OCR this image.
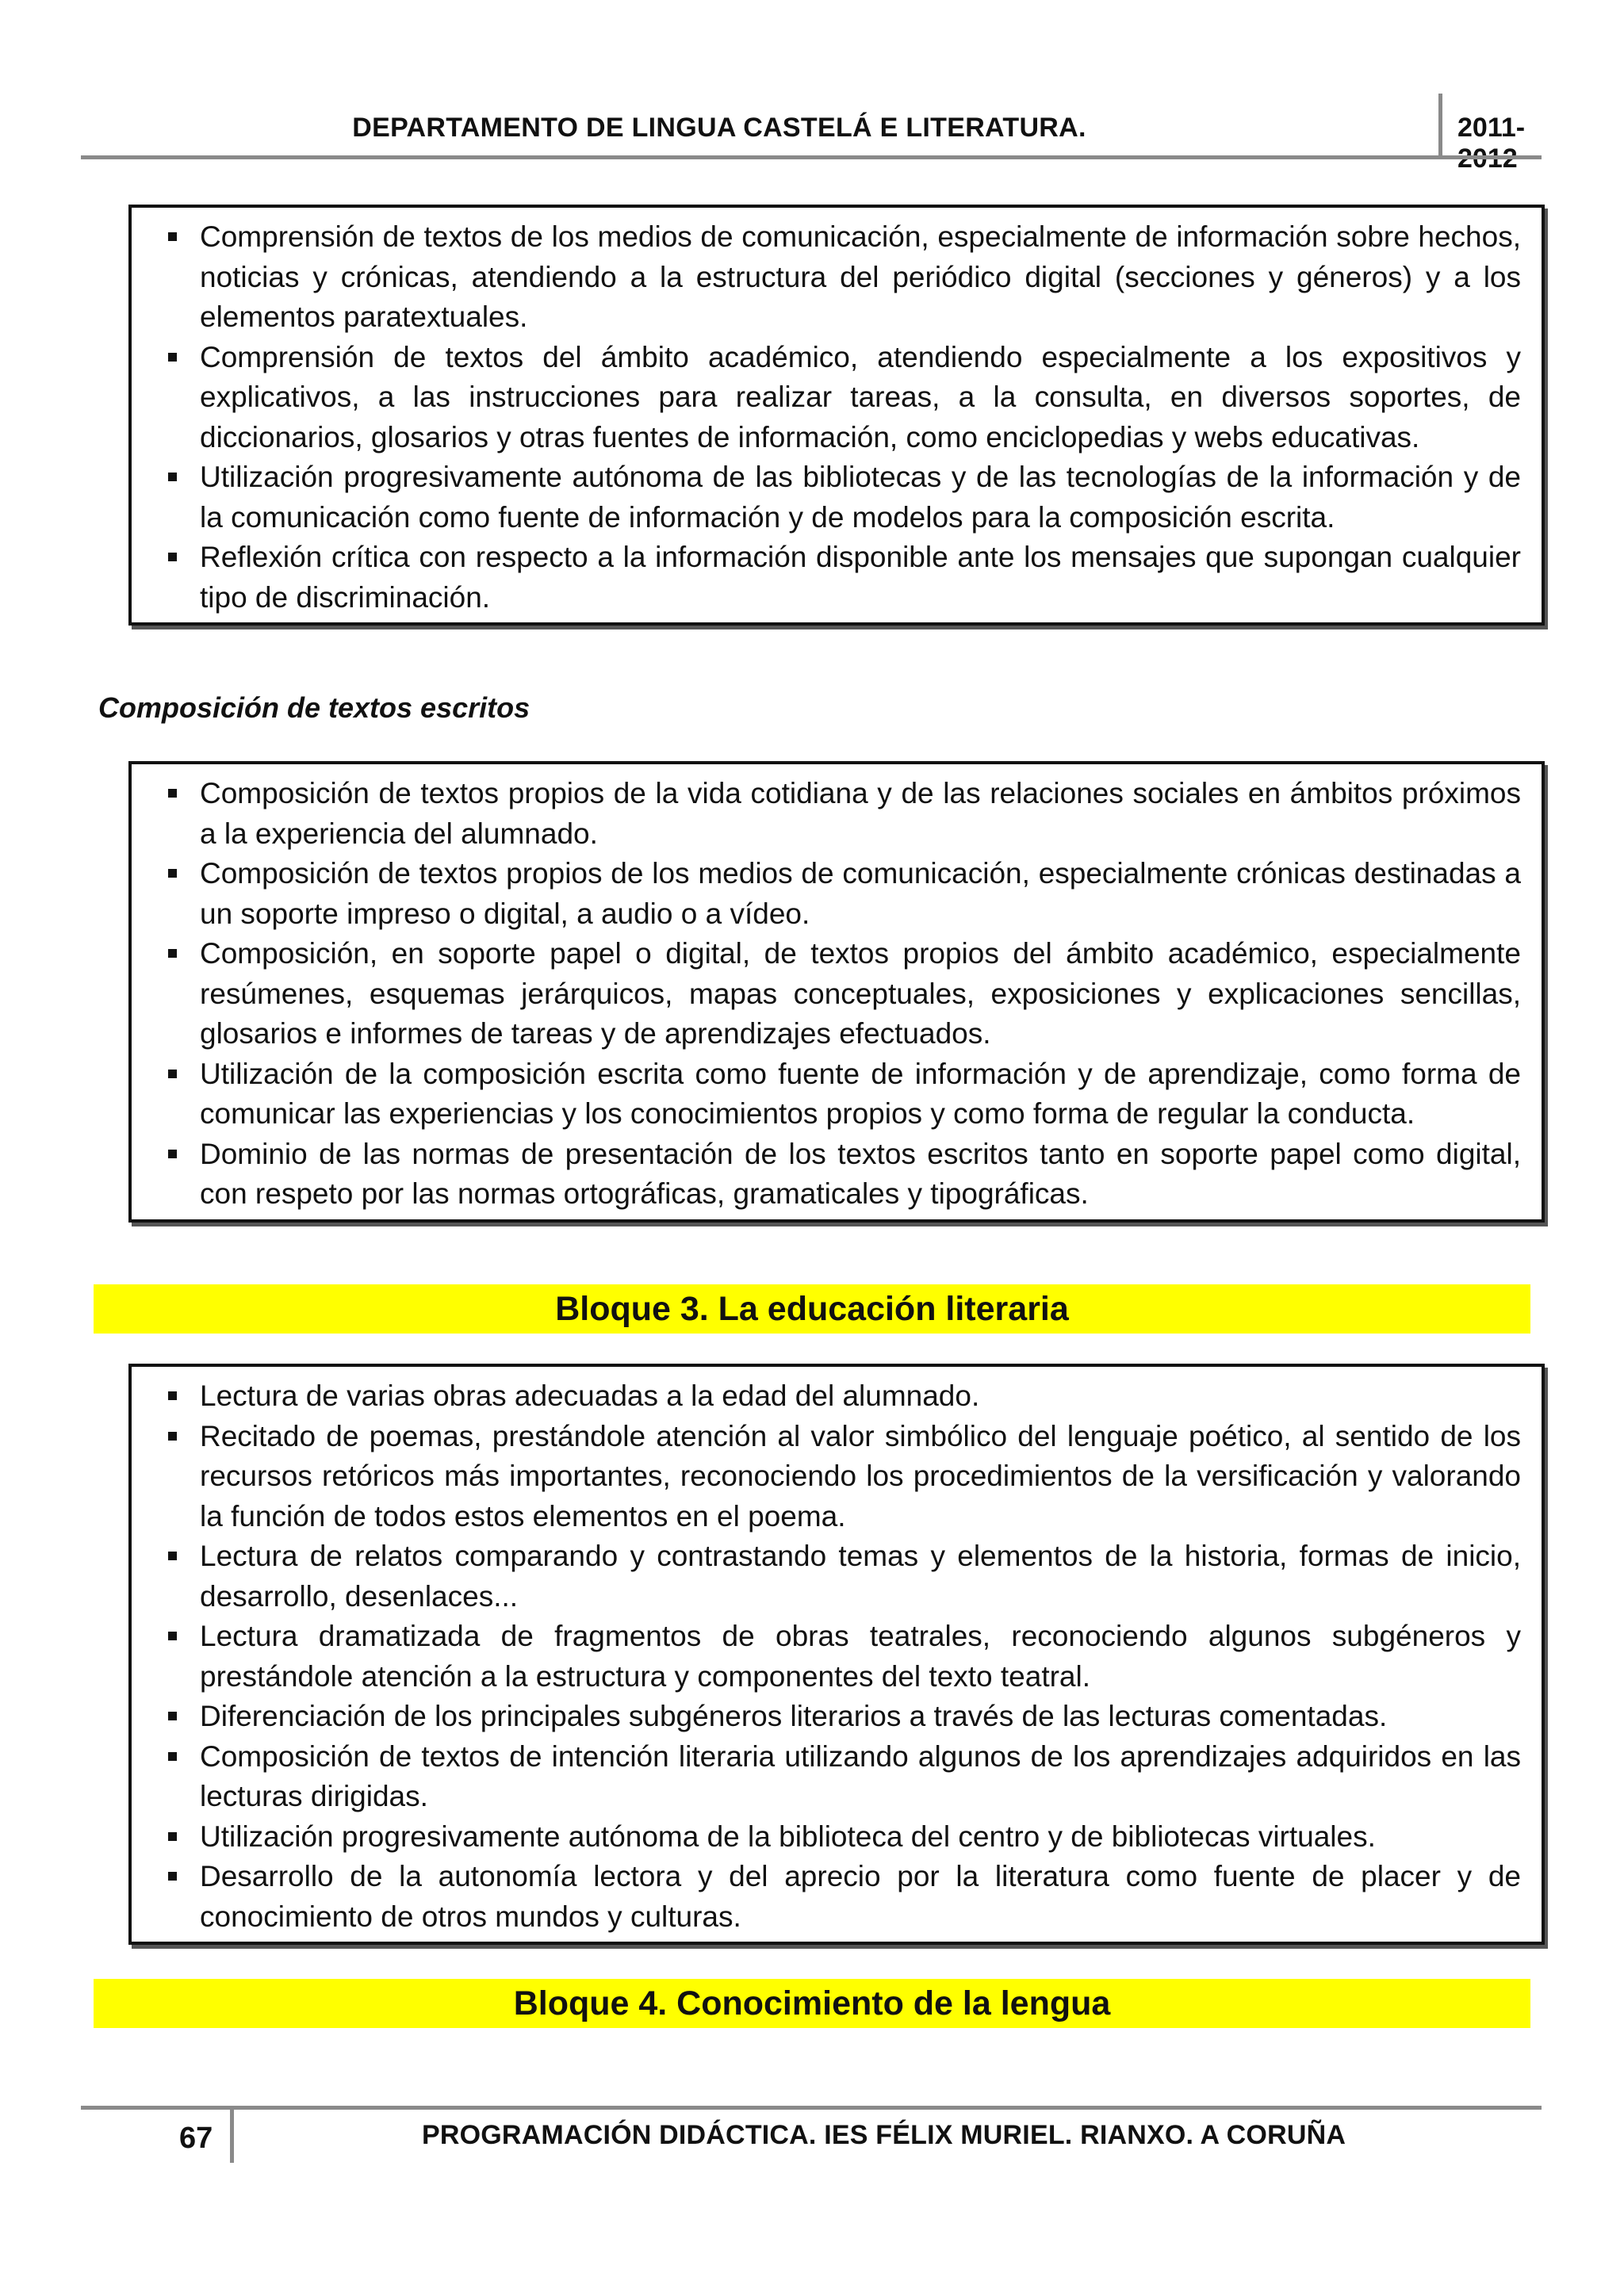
DEPARTAMENTO DE LINGUA CASTELÁ E LITERATURA.	2011-
Comprensión de textos de los medios de comunicación, especialmente de información sobre hechos, noticias y crónicas, atendiendo a la estructura del periódico digital (secciones y géneros) y a los elementos paratextuales.
Comprensión de textos del ámbito académico, atendiendo especialmente a los expositivos y explicativos, a las instrucciones para realizar tareas, a la consulta, en diversos soportes, de diccionarios, glosarios y otras fuentes de información, como enciclopedias y webs educativas.
Utilización progresivamente autónoma de las bibliotecas y de las tecnologías de la información y de la comunicación como fuente de información y de modelos para la composición escrita.
Reflexión crítica con respecto a la información disponible ante los mensajes que supongan cualquier tipo de discriminación.
Composición de textos escritos
Composición de textos propios de la vida cotidiana y de las relaciones sociales en ámbitos próximos a la experiencia del alumnado.
Composición de textos propios de los medios de comunicación, especialmente crónicas destinadas a un soporte impreso o digital, a audio o a vídeo.
Composición, en soporte papel o digital, de textos propios del ámbito académico, especialmente resúmenes, esquemas jerárquicos, mapas conceptuales, exposiciones y explicaciones sencillas, glosarios e informes de tareas y de aprendizajes efectuados.
Utilización de la composición escrita como fuente de información y de aprendizaje, como forma de comunicar las experiencias y los conocimientos propios y como forma de regular la conducta.
Dominio de las normas de presentación de los textos escritos tanto en soporte papel como digital, con respeto por las normas ortográficas, gramaticales y tipográficas.
Bloque 3. La educación literaria
Lectura de varias obras adecuadas a la edad del alumnado.
Recitado de poemas, prestándole atención al valor simbólico del lenguaje poético, al sentido de los recursos retóricos más importantes, reconociendo los procedimientos de la versificación y valorando la función de todos estos elementos en el poema.
Lectura de relatos comparando y contrastando temas y elementos de la historia, formas de inicio, desarrollo, desenlaces...
Lectura dramatizada de fragmentos de obras teatrales, reconociendo algunos subgéneros y prestándole atención a la estructura y componentes del texto teatral.
Diferenciación de los principales subgéneros literarios a través de las lecturas comentadas.
Composición de textos de intención literaria utilizando algunos de los aprendizajes adquiridos en las lecturas dirigidas.
Utilización progresivamente autónoma de la biblioteca del centro y de bibliotecas virtuales.
Desarrollo de la autonomía lectora y del aprecio por la literatura como fuente de placer y de conocimiento de otros mundos y culturas.
Bloque 4. Conocimiento de la lengua
67	PROGRAMACIÓN DIDÁCTICA. IES FÉLIX MURIEL. RIANXO. A CORUÑA
